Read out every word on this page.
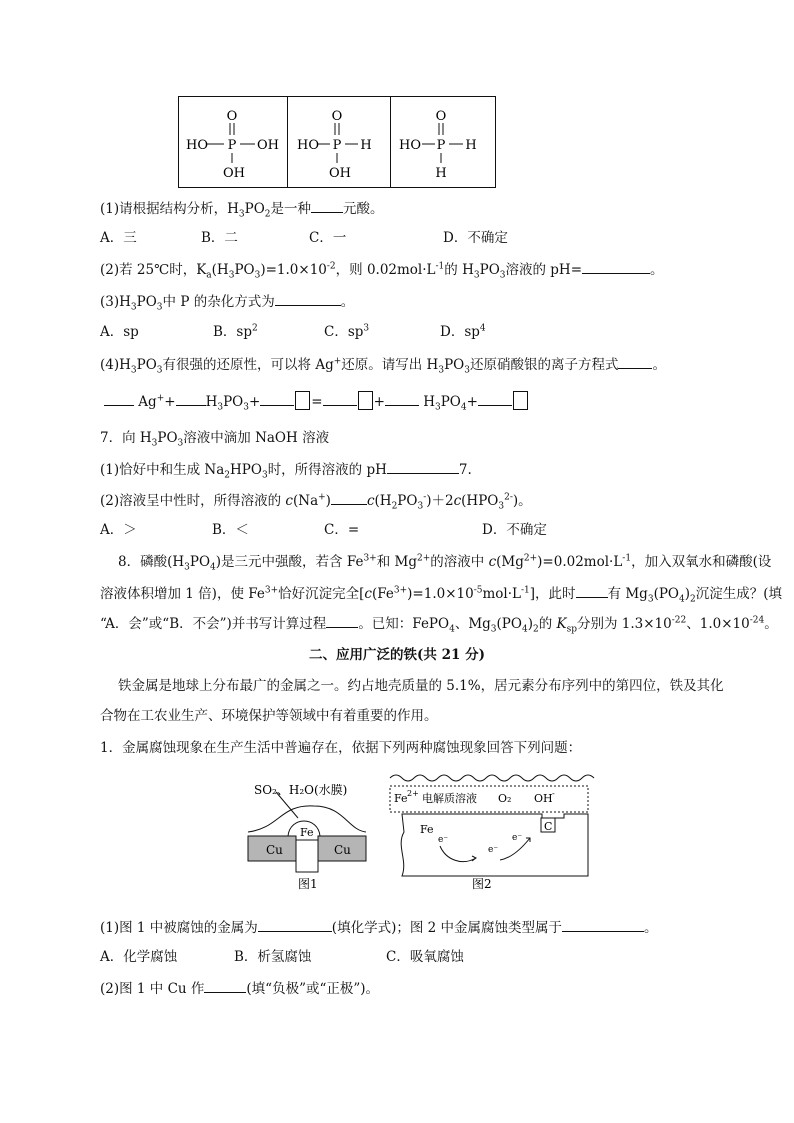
O
HO P OH
OH
O
HO P H
OH
O
HO P H
H
(1)请根据结构分析，$H_3PO_2$是一种 元酸。
A．三	B．二	C．一	D．不确定
(2)若 25℃时，$K_a(H_3PO_3)=1.0\times 10^{-2}$，则 $0.02mol\cdot L^{-1}$的 $H_3PO_3$溶液的 pH=	。
$(3)H_3PO_3$中 P 的杂化方式为	。
A．sp	B．$sp^2$	C．$sp^3$	D．$sp^4$
$(4)H_3PO_3$有很强的还原性，可以将 Ag+还原。请写出 $H_3PO_3$还原硝酸银的离子方程式	。
$Ag^++ H_3PO_3+$	=	+	$H_3PO_4+$
7．向 $H_3PO_3$溶液中滴加 NaOH 溶液
(1)恰好中和生成 $Na_2HPO_3$时，所得溶液的 pH	7.
(2)溶液呈中性时，所得溶液的 c(Na+)	$c(H_2PO_3^-)+2c(HPO_3^{2-})$。
A．＞	B．＜	C．=	D．不确定
8．磷酸$(H_3PO_4)$是三元中强酸，若含 $Fe^{3+}$和 $Mg^{2+}$的溶液中 $c(Mg^{2+})=0.02mol\cdot L^{-1}$，加入双氧水和磷酸(设
溶液体积增加 1 倍)，使 $Fe^{3+}$恰好沉淀完全$[c(Fe^{3+})=1.0\times 10^{-5}mol\cdot L^{-1}]$，此时 有 $Mg_3(PO_4)_2$沉淀生成？(填
“A．会”或“B．不会”)并书写计算过程 。已知：FePO$_4$、$Mg_3(PO_4)_2$的 $K_{sp}$分别为 $1.3\times 10^{-22}$、$1.0\times 10^{-24}$。
二、应用广泛的铁(共 21 分)
铁金属是地球上分布最广的金属之一。约占地壳质量的 5.1%，居元素分布序列中的第四位，铁及其化
合物在工农业生产、环境保护等领域中有着重要的作用。
1．金属腐蚀现象在生产生活中普遍存在，依据下列两种腐蚀现象回答下列问题：
SO₂、H₂O(水膜)
Fe
Cu	Cu
图1
Fe 2+ 电解质溶液 O₂ OH -
C
Fe
e⁻
e⁻
e⁻
图2
(1)图 1 中被腐蚀的金属为	(填化学式)；图 2 中金属腐蚀类型属于	。
A．化学腐蚀	B．析氢腐蚀	C．吸氧腐蚀
(2)图 1 中 Cu 作	(填“负极”或“正极”)。
